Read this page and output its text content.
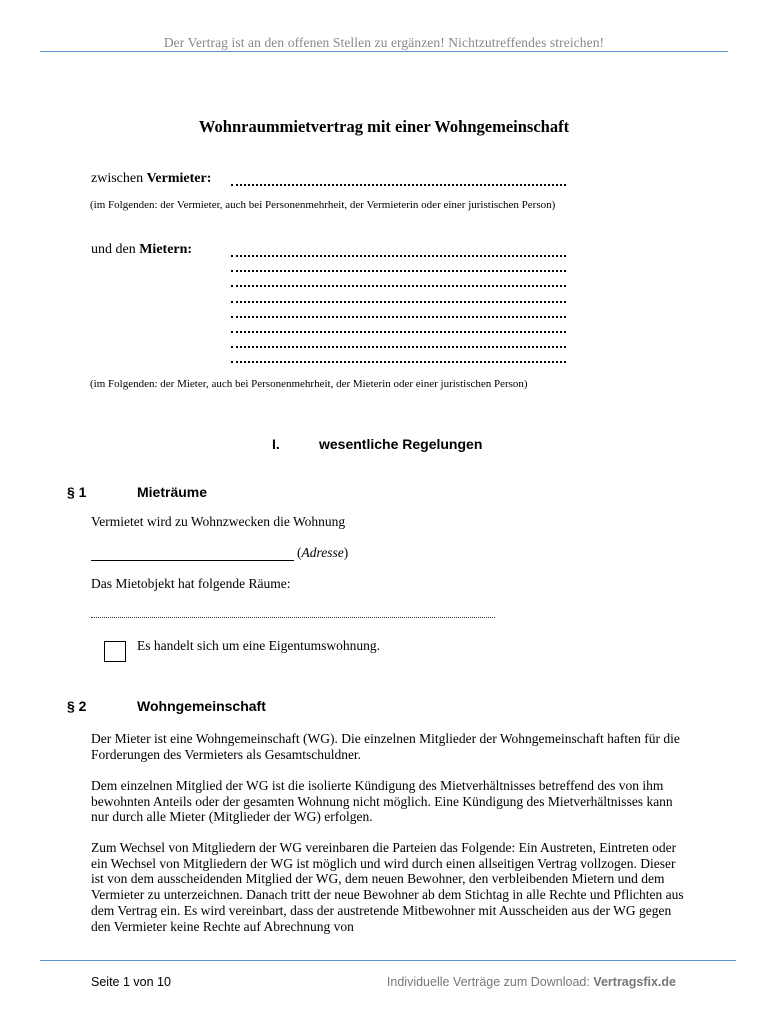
Der Vertrag ist an den offenen Stellen zu ergänzen! Nichtzutreffendes streichen!
Wohnraummietvertrag mit einer Wohngemeinschaft
zwischen Vermieter:
(im Folgenden: der Vermieter, auch bei Personenmehrheit, der Vermieterin oder einer juristischen Person)
und den Mietern:
(im Folgenden: der Mieter, auch bei Personenmehrheit, der Mieterin oder einer juristischen Person)
I.	wesentliche Regelungen
§ 1	Mieträume
Vermietet wird zu Wohnzwecken die Wohnung
(Adresse)
Das Mietobjekt hat folgende Räume:
Es handelt sich um eine Eigentumswohnung.
§ 2	Wohngemeinschaft
Der Mieter ist eine Wohngemeinschaft (WG). Die einzelnen Mitglieder der Wohngemeinschaft haften für die Forderungen des Vermieters als Gesamtschuldner.
Dem einzelnen Mitglied der WG ist die isolierte Kündigung des Mietverhältnisses betreffend des von ihm bewohnten Anteils oder der gesamten Wohnung nicht möglich. Eine Kündigung des Mietverhältnisses kann nur durch alle Mieter (Mitglieder der WG) erfolgen.
Zum Wechsel von Mitgliedern der WG vereinbaren die Parteien das Folgende: Ein Austreten, Eintreten oder ein Wechsel von Mitgliedern der WG ist möglich und wird durch einen allseitigen Vertrag vollzogen. Dieser ist von dem ausscheidenden Mitglied der WG, dem neuen Bewohner, den verbleibenden Mietern und dem Vermieter zu unterzeichnen. Danach tritt der neue Bewohner ab dem Stichtag in alle Rechte und Pflichten aus dem Vertrag ein. Es wird vereinbart, dass der austretende Mitbewohner mit Ausscheiden aus der WG gegen den Vermieter keine Rechte auf Abrechnung von
Seite 1 von 10	Individuelle Verträge zum Download: Vertragsfix.de
